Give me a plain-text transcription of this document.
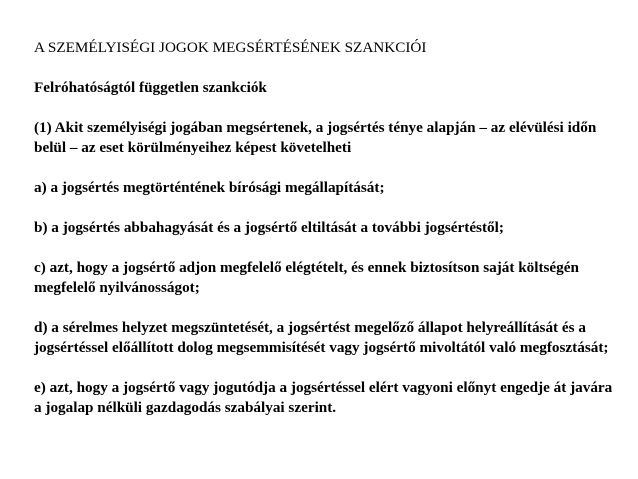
A SZEMÉLYISÉGI JOGOK MEGSÉRTÉSÉNEK SZANKCIÓI

Felróhatóságtól független szankciók

(1) Akit személyiségi jogában megsértenek, a jogsértés ténye alapján – az elévülési időn belül – az eset körülményeihez képest követelheti

a) a jogsértés megtörténtének bírósági megállapítását;

b) a jogsértés abbahagyását és a jogsértő eltiltását a további jogsértéstől;

c) azt, hogy a jogsértő adjon megfelelő elégtételt, és ennek biztosítson saját költségén megfelelő nyilvánosságot;

d) a sérelmes helyzet megszüntetését, a jogsértést megelőző állapot helyreállítását és a jogsértéssel előállított dolog megsemmisítését vagy jogsértő mivoltától való megfosztását;

e) azt, hogy a jogsértő vagy jogutódja a jogsértéssel elért vagyoni előnyt engedje át javára a jogalap nélküli gazdagodás szabályai szerint.
